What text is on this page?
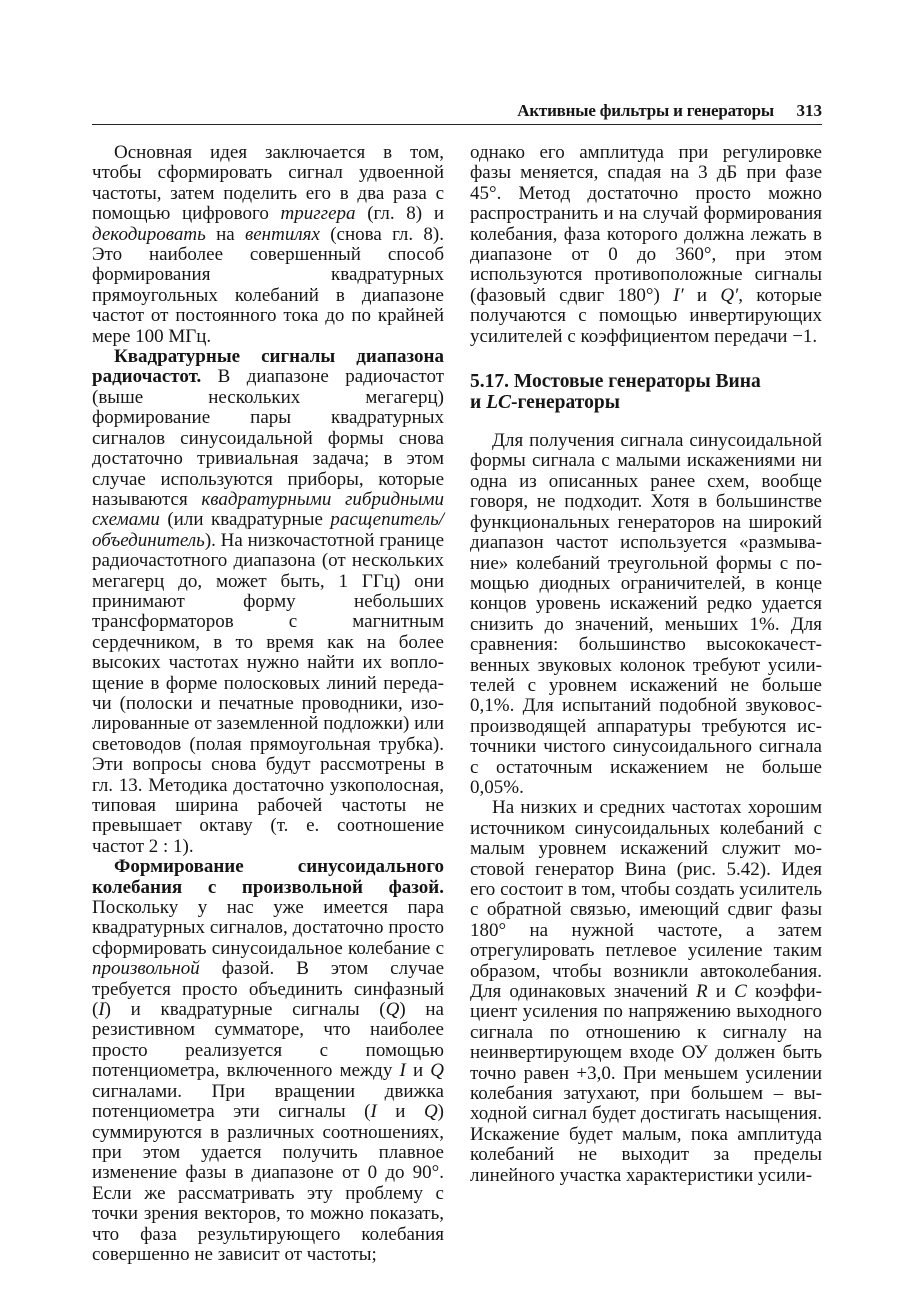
Активные фильтры и генераторы 313

Основная идея заключается в том, чтобы сформировать сигнал удвоенной частоты, затем поделить его в два раза с помощью цифрового триггера (гл. 8) и декодировать на вентилях (снова гл. 8). Это наиболее совершенный способ формирования квадратурных прямоугольных колебаний в диапазоне частот от постоянного тока до по крайней мере 100 МГц.

Квадратурные сигналы диапазона радиочастот. В диапазоне радиочастот (выше нескольких мегагерц) формирование пары квадратурных сигналов синусоидальной формы снова достаточно тривиальная задача; в этом случае используются приборы, которые называются квадратурными гибридными схемами (или квадратурные расщепитель/объединитель). На низкочастотной границе радиочастотного диапазона (от нескольких мегагерц до, может быть, 1 ГГц) они принимают форму небольших трансформаторов с магнитным сердечником, в то время как на более высоких частотах нужно найти их воплощение в форме полосковых линий передачи (полоски и печатные проводники, изолированные от заземленной подложки) или световодов (полая прямоугольная трубка). Эти вопросы снова будут рассмотрены в гл. 13. Методика достаточно узкополосная, типовая ширина рабочей частоты не превышает октаву (т. е. соотношение частот 2 : 1).

Формирование синусоидального колебания с произвольной фазой. Поскольку у нас уже имеется пара квадратурных сигналов, достаточно просто сформировать синусоидальное колебание с произвольной фазой. В этом случае требуется просто объединить синфазный (I) и квадратурные сигналы (Q) на резистивном сумматоре, что наиболее просто реализуется с помощью потенциометра, включенного между I и Q сигналами. При вращении движка потенциометра эти сигналы (I и Q) суммируются в различных соотношениях, при этом удается получить плавное изменение фазы в диапазоне от 0 до 90°. Если же рассматривать эту проблему с точки зрения векторов, то можно показать, что фаза результирующего колебания совершенно не зависит от частоты;

однако его амплитуда при регулировке фазы меняется, спадая на 3 дБ при фазе 45°. Метод достаточно просто можно распространить и на случай формирования колебания, фаза которого должна лежать в диапазоне от 0 до 360°, при этом используются противоположные сигналы (фазовый сдвиг 180°) I′ и Q′, которые получаются с помощью инвертирующих усилителей с коэффициентом передачи −1.

5.17. Мостовые генераторы Вина
и LC-генераторы

Для получения сигнала синусоидальной формы сигнала с малыми искажениями ни одна из описанных ранее схем, вообще говоря, не подходит. Хотя в большинстве функциональных генераторов на широкий диапазон частот используется «размывание» колебаний треугольной формы с помощью диодных ограничителей, в конце концов уровень искажений редко удается снизить до значений, меньших 1%. Для сравнения: большинство высококачественных звуковых колонок требуют усилителей с уровнем искажений не больше 0,1%. Для испытаний подобной звуковоспроизводящей аппаратуры требуются источники чистого синусоидального сигнала с остаточным искажением не больше 0,05%.

На низких и средних частотах хорошим источником синусоидальных колебаний с малым уровнем искажений служит мостовой генератор Вина (рис. 5.42). Идея его состоит в том, чтобы создать усилитель с обратной связью, имеющий сдвиг фазы 180° на нужной частоте, а затем отрегулировать петлевое усиление таким образом, чтобы возникли автоколебания. Для одинаковых значений R и C коэффициент усиления по напряжению выходного сигнала по отношению к сигналу на неинвертирующем входе ОУ должен быть точно равен +3,0. При меньшем усилении колебания затухают, при большем – выходной сигнал будет достигать насыщения. Искажение будет малым, пока амплитуда колебаний не выходит за пределы линейного участка характеристики усили-
